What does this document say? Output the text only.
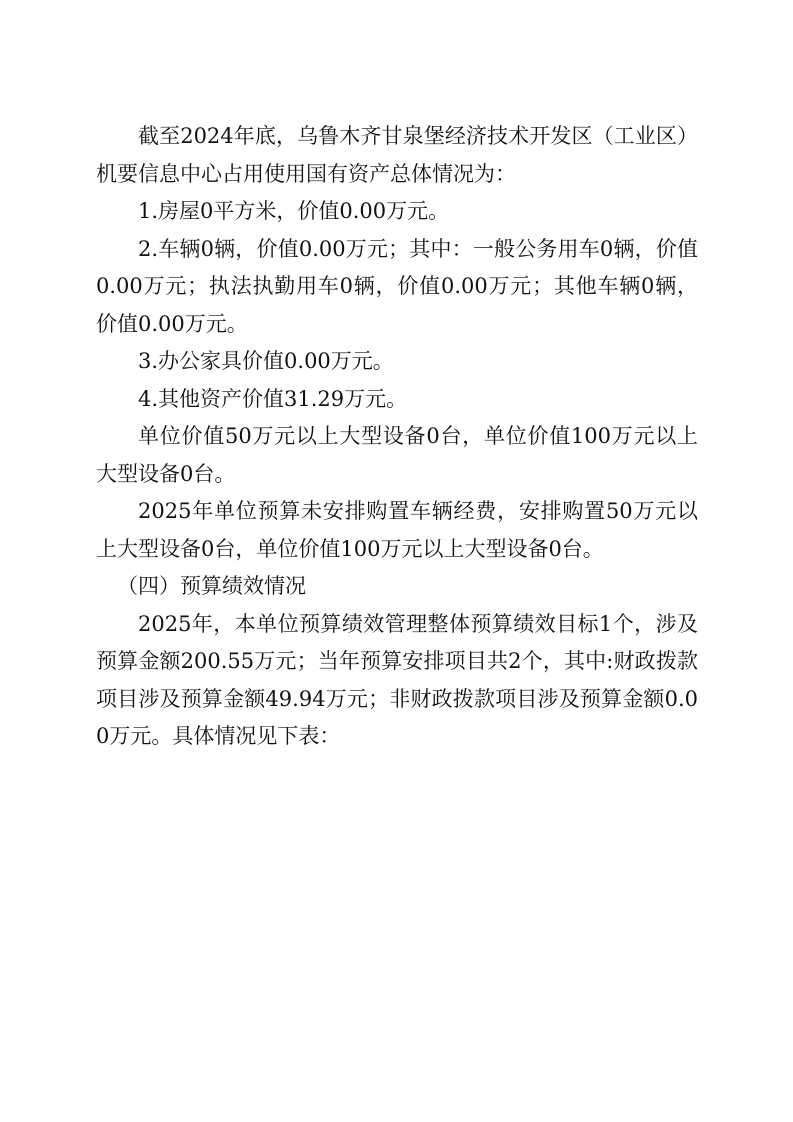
截至2024年底，乌鲁木齐甘泉堡经济技术开发区（工业区）机要信息中心占用使用国有资产总体情况为：

1.房屋0平方米，价值0.00万元。

2.车辆0辆，价值0.00万元；其中：一般公务用车0辆，价值0.00万元；执法执勤用车0辆，价值0.00万元；其他车辆0辆，价值0.00万元。

3.办公家具价值0.00万元。

4.其他资产价值31.29万元。

单位价值50万元以上大型设备0台，单位价值100万元以上大型设备0台。

2025年单位预算未安排购置车辆经费，安排购置50万元以上大型设备0台，单位价值100万元以上大型设备0台。

（四）预算绩效情况

2025年，本单位预算绩效管理整体预算绩效目标1个，涉及预算金额200.55万元；当年预算安排项目共2个，其中:财政拨款项目涉及预算金额49.94万元；非财政拨款项目涉及预算金额0.00万元。具体情况见下表：
